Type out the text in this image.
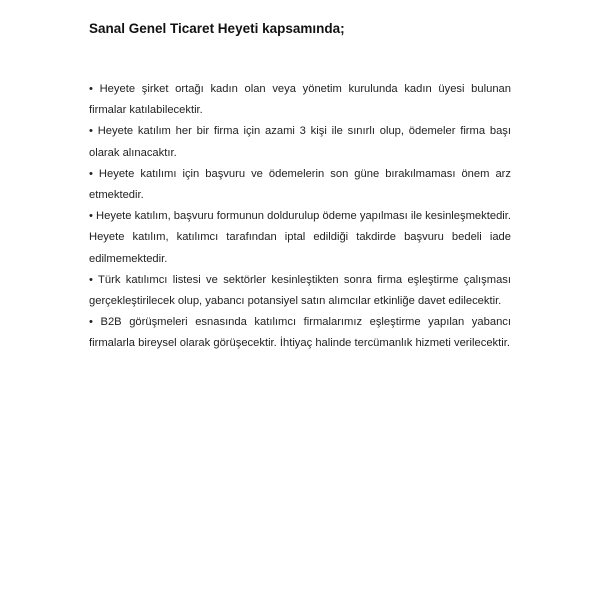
Sanal Genel Ticaret Heyeti kapsamında;
• Heyete şirket ortağı kadın olan veya yönetim kurulunda kadın üyesi bulunan firmalar katılabilecektir.
• Heyete katılım her bir firma için azami 3 kişi ile sınırlı olup, ödemeler firma başı olarak alınacaktır.
• Heyete katılımı için başvuru ve ödemelerin son güne bırakılmaması önem arz etmektedir.
• Heyete katılım, başvuru formunun doldurulup ödeme yapılması ile kesinleşmektedir. Heyete katılım, katılımcı tarafından iptal edildiği takdirde başvuru bedeli iade edilmemektedir.
• Türk katılımcı listesi ve sektörler kesinleştikten sonra firma eşleştirme çalışması gerçekleştirilecek olup, yabancı potansiyel satın alımcılar etkinliğe davet edilecektir.
• B2B görüşmeleri esnasında katılımcı firmalarımız eşleştirme yapılan yabancı firmalarla bireysel olarak görüşecektir. İhtiyaç halinde tercümanlık hizmeti verilecektir.
